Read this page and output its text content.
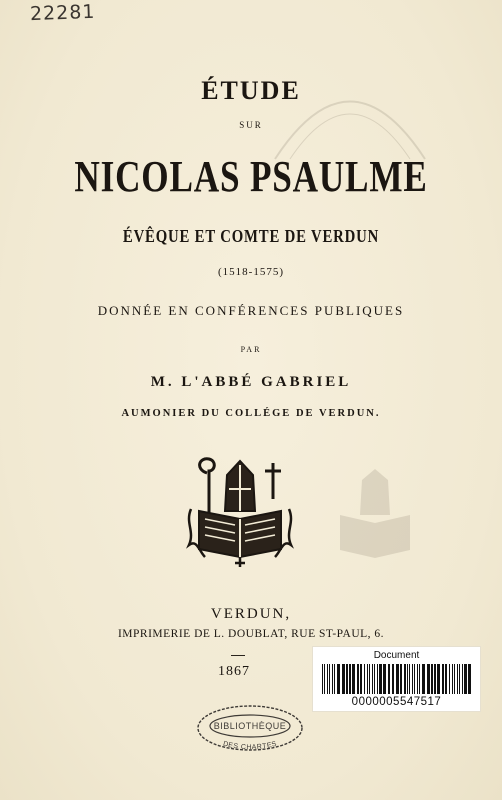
22281
ÉTUDE
SUR
NICOLAS PSAULME
ÉVÊQUE ET COMTE DE VERDUN
(1518-1575)
DONNÉE EN CONFÉRENCES PUBLIQUES
PAR
M. L'ABBÉ GABRIEL
AUMONIER DU COLLÉGE DE VERDUN.
VERDUN,
IMPRIMERIE DE L. DOUBLAT, RUE ST-PAUL, 6.
1867
Document
0000005547517
BIBLIOTHÈQUE
DES CHARTES
